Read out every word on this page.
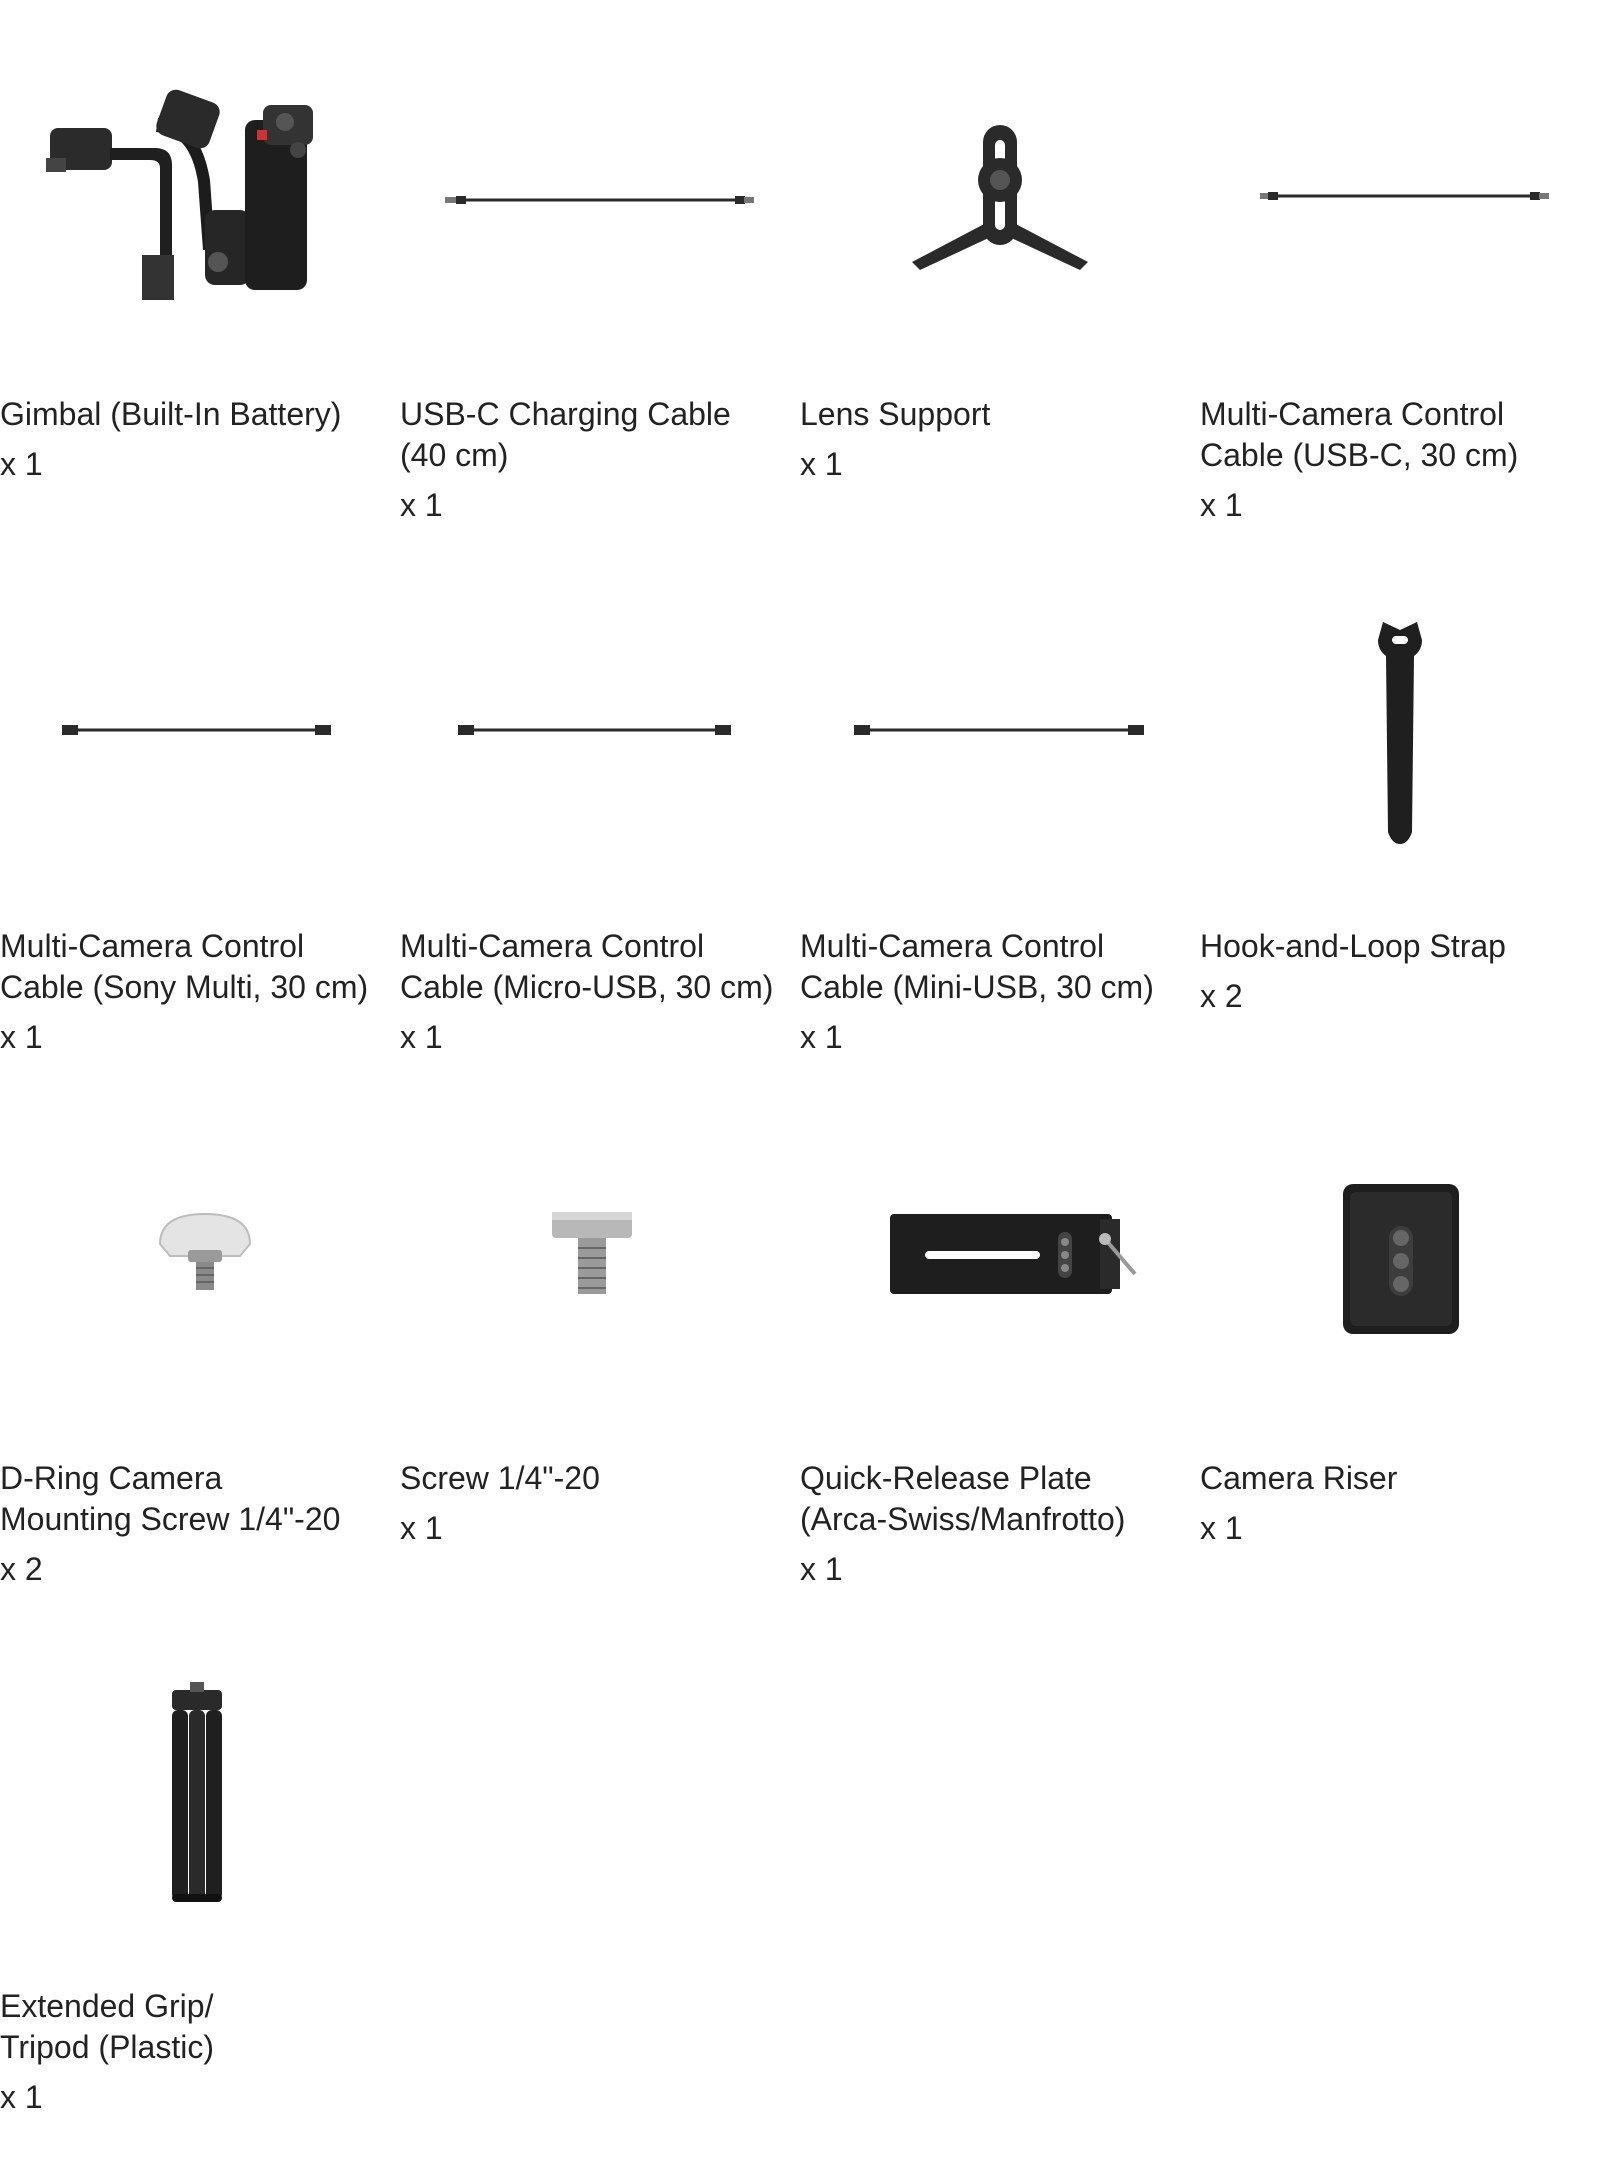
Gimbal (Built-In Battery)
x 1
USB-C Charging Cable
(40 cm)
x 1
Lens Support
x 1
Multi-Camera Control
Cable (USB-C, 30 cm)
x 1
Multi-Camera Control
Cable (Sony Multi, 30 cm)
x 1
Multi-Camera Control
Cable (Micro-USB, 30 cm)
x 1
Multi-Camera Control
Cable (Mini-USB, 30 cm)
x 1
Hook-and-Loop Strap
x 2
D-Ring Camera
Mounting Screw 1/4"-20
x 2
Screw 1/4"-20
x 1
Quick-Release Plate
(Arca-Swiss/Manfrotto)
x 1
Camera Riser
x 1
Extended Grip/
Tripod (Plastic)
x 1
